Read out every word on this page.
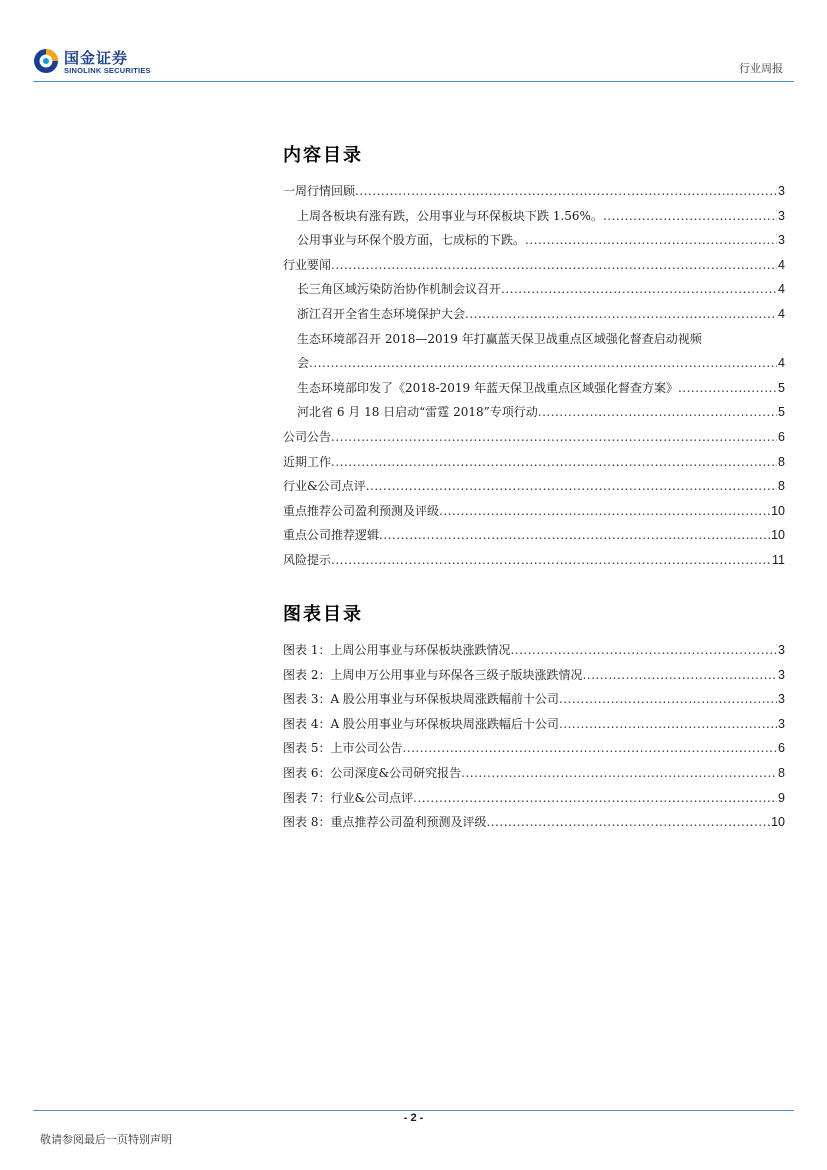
国金证券
SINOLINK SECURITIES	行业周报
内容目录
一周行情回顾 .....	3
上周各板块有涨有跌，公用事业与环保板块下跌 1.56%。 .....	3
公用事业与环保个股方面，七成标的下跌。 .....	3
行业要闻 .....	4
长三角区域污染防治协作机制会议召开 .....	4
浙江召开全省生态环境保护大会 .....	4
生态环境部召开 2018—2019 年打赢蓝天保卫战重点区域强化督查启动视频
会 .....	4
生态环境部印发了《2018-2019 年蓝天保卫战重点区域强化督查方案》 .....	5
河北省 6 月 18 日启动“雷霆 2018”专项行动 .....	5
公司公告 .....	6
近期工作 .....	8
行业&公司点评 .....	8
重点推荐公司盈利预测及评级 .....	10
重点公司推荐逻辑 .....	10
风险提示 .....	11
图表目录
图表 1：上周公用事业与环保板块涨跌情况 .....	3
图表 2：上周申万公用事业与环保各三级子版块涨跌情况 .....	3
图表 3：A 股公用事业与环保板块周涨跌幅前十公司 .....	3
图表 4：A 股公用事业与环保板块周涨跌幅后十公司 .....	3
图表 5：上市公司公告 .....	6
图表 6：公司深度&公司研究报告 .....	8
图表 7：行业&公司点评 .....	9
图表 8：重点推荐公司盈利预测及评级 .....	10
- 2 -
敬请参阅最后一页特别声明
